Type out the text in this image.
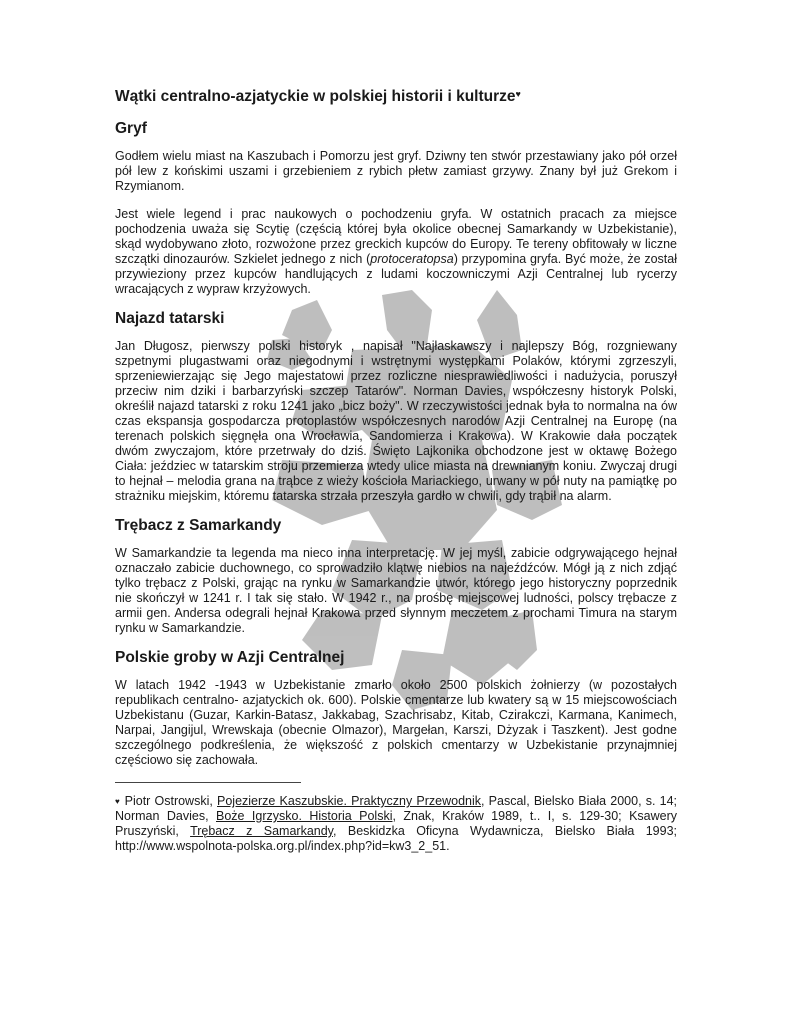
Wątki centralno-azjatyckie w polskiej historii i kulturze♥
Gryf

Godłem wielu miast na Kaszubach i Pomorzu jest gryf. Dziwny ten stwór przestawiany jako pół orzeł pół lew z końskimi uszami i grzebieniem z rybich płetw zamiast grzywy. Znany był już Grekom i Rzymianom.

Jest wiele legend i prac naukowych o pochodzeniu gryfa. W ostatnich pracach za miejsce pochodzenia uważa się Scytię (częścią której była okolice obecnej Samarkandy w Uzbekistanie), skąd wydobywano złoto, rozwożone przez greckich kupców do Europy. Te tereny obfitowały w liczne szczątki dinozaurów. Szkielet jednego z nich (protoceratopsa) przypomina gryfa. Być może, że został przywieziony przez kupców handlujących z ludami koczowniczymi Azji Centralnej lub rycerzy wracających z wypraw krzyżowych.

Najazd tatarski

Jan Długosz, pierwszy polski historyk , napisał "Najłaskawszy i najlepszy Bóg, rozgniewany szpetnymi plugastwami oraz niegodnymi i wstrętnymi występkami Polaków, którymi zgrzeszyli, sprzeniewierzając się Jego majestatowi przez rozliczne niesprawiedliwości i nadużycia, poruszył przeciw nim dziki i barbarzyński szczep Tatarów". Norman Davies, współczesny historyk Polski, określił najazd tatarski z roku 1241 jako „bicz boży". W rzeczywistości jednak była to normalna na ów czas ekspansja gospodarcza protoplastów współczesnych narodów Azji Centralnej na Europę (na terenach polskich sięgnęła ona Wrocławia, Sandomierza i Krakowa). W Krakowie dała początek dwóm zwyczajom, które przetrwały do dziś. Święto Lajkonika obchodzone jest w oktawę Bożego Ciała: jeździec w tatarskim stroju przemierza wtedy ulice miasta na drewnianym koniu. Zwyczaj drugi to hejnał – melodia grana na trąbce z wieży kościoła Mariackiego, urwany w pół nuty na pamiątkę po strażniku miejskim, któremu tatarska strzała przeszyła gardło w chwili, gdy trąbił na alarm.

Trębacz z Samarkandy

W Samarkandzie ta legenda ma nieco inna interpretację. W jej myśl, zabicie odgrywającego hejnał oznaczało zabicie duchownego, co sprowadziło klątwę niebios na najeźdźców. Mógł ją z nich zdjąć tylko trębacz z Polski, grając na rynku w Samarkandzie utwór, którego jego historyczny poprzednik nie skończył w 1241 r. I tak się stało. W 1942 r., na prośbę miejscowej ludności, polscy trębacze z armii gen. Andersa odegrali hejnał Krakowa przed słynnym meczetem z prochami Timura na starym rynku w Samarkandzie.

Polskie groby w Azji Centralnej

W latach 1942 -1943 w Uzbekistanie zmarło około 2500 polskich żołnierzy (w pozostałych republikach centralno- azjatyckich ok. 600). Polskie cmentarze lub kwatery są w 15 miejscowościach Uzbekistanu (Guzar, Karkin-Batasz, Jakkabag, Szachrisabz, Kitab, Czirakczi, Karmana, Kanimech, Narpai, Jangijul, Wrewskaja (obecnie Olmazor), Margełan, Karszi, Dżyzak i Taszkent). Jest godne szczególnego podkreślenia, że większość z polskich cmentarzy w Uzbekistanie przynajmniej częściowo się zachowała.

♥ Piotr Ostrowski, Pojezierze Kaszubskie. Praktyczny Przewodnik, Pascal, Bielsko Biała 2000, s. 14; Norman Davies, Boże Igrzysko. Historia Polski, Znak, Kraków 1989, t.. I, s. 129-30; Ksawery Pruszyński, Trębacz z Samarkandy, Beskidzka Oficyna Wydawnicza, Bielsko Biała 1993; http://www.wspolnota-polska.org.pl/index.php?id=kw3_2_51.
